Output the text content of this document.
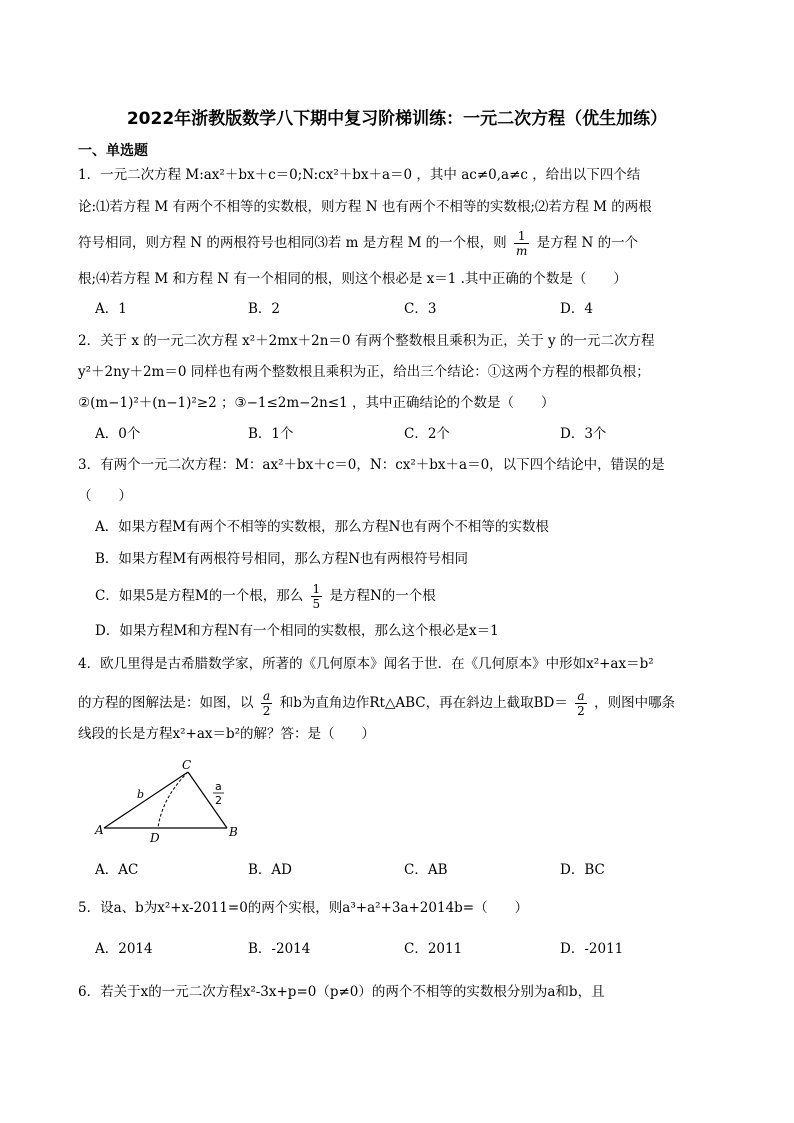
2022年浙教版数学八下期中复习阶梯训练：一元二次方程（优生加练）
一、单选题
1．一元二次方程 M:ax²＋bx＋c＝0;N:cx²＋bx＋a＝0 ，其中 ac≠0,a≠c ，给出以下四个结
论:⑴若方程 M 有两个不相等的实数根，则方程 N 也有两个不相等的实数根;⑵若方程 M 的两根
符号相同，则方程 N 的两根符号也相同⑶若 m 是方程 M 的一个根，则 $\frac{1}{m}$ 是方程 N 的一个
根;⑷若方程 M 和方程 N 有一个相同的根，则这个根必是 x＝1 .其中正确的个数是（　　）
A．1	B．2	C．3	D．4
2．关于 x 的一元二次方程 x²＋2mx＋2n＝0 有两个整数根且乘积为正，关于 y 的一元二次方程
y²＋2ny＋2m＝0 同样也有两个整数根且乘积为正，给出三个结论：①这两个方程的根都负根；
②(m−1)²＋(n−1)²≥2 ；③−1≤2m−2n≤1 ，其中正确结论的个数是（　　）
A．0个	B．1个	C．2个	D．3个
3．有两个一元二次方程：M：ax²＋bx＋c＝0，N：cx²＋bx＋a＝0，以下四个结论中，错误的是
（　　）
A．如果方程M有两个不相等的实数根，那么方程N也有两个不相等的实数根
B．如果方程M有两根符号相同，那么方程N也有两根符号相同
C．如果5是方程M的一个根，那么 $\frac{1}{5}$ 是方程N的一个根
D．如果方程M和方程N有一个相同的实数根，那么这个根必是x＝1
4．欧几里得是古希腊数学家，所著的《几何原本》闻名于世．在《几何原本》中形如x²+ax＝b²
的方程的图解法是：如图，以 $\frac{a}{2}$ 和b为直角边作Rt△ABC，再在斜边上截取$BD= \frac{a}{2}$ ，则图中哪条
线段的长是方程x²+ax＝b²的解？答：是（　　）
A	B
C
D
b
a
2
A．AC	B．AD	C．AB	D．BC
5．设a、b为x²+x-2011=0的两个实根，则a³+a²+3a+2014b=（　　）
A．2014	B．-2014	C．2011	D．-2011
6．若关于x的一元二次方程x²-3x+p=0（p≠0）的两个不相等的实数根分别为a和b，且
